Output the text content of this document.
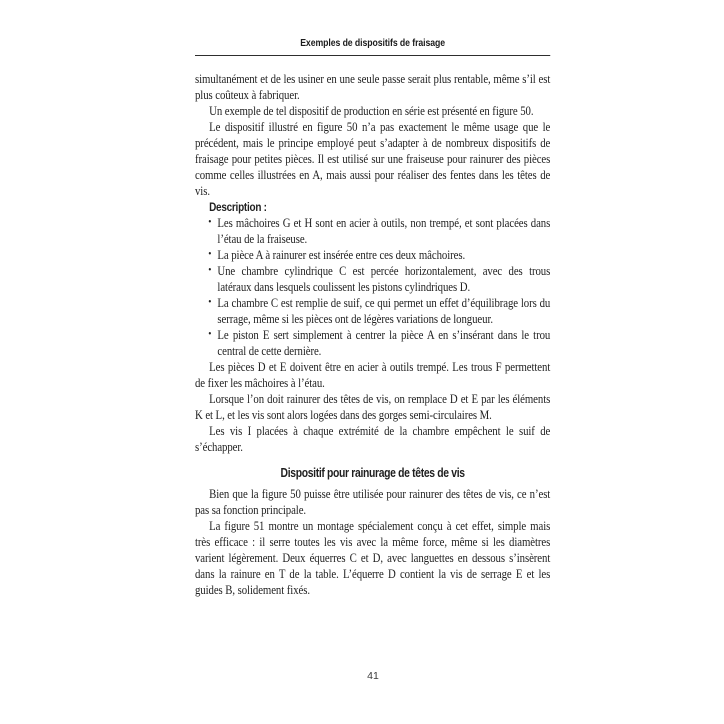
Exemples de dispositifs de fraisage

simultanément et de les usiner en une seule passe serait plus rentable, même s’il est plus coûteux à fabriquer.

Un exemple de tel dispositif de production en série est présenté en figure 50.

Le dispositif illustré en figure 50 n’a pas exactement le même usage que le précédent, mais le principe employé peut s’adapter à de nombreux dispositifs de fraisage pour petites pièces. Il est utilisé sur une fraiseuse pour rainurer des pièces comme celles illustrées en A, mais aussi pour réaliser des fentes dans les têtes de vis.

Description :

• Les mâchoires G et H sont en acier à outils, non trempé, et sont placées dans l’étau de la fraiseuse.
• La pièce A à rainurer est insérée entre ces deux mâchoires.
• Une chambre cylindrique C est percée horizontalement, avec des trous latéraux dans lesquels coulissent les pistons cylindriques D.
• La chambre C est remplie de suif, ce qui permet un effet d’équilibrage lors du serrage, même si les pièces ont de légères variations de longueur.
• Le piston E sert simplement à centrer la pièce A en s’insérant dans le trou central de cette dernière.

Les pièces D et E doivent être en acier à outils trempé. Les trous F permettent de fixer les mâchoires à l’étau.

Lorsque l’on doit rainurer des têtes de vis, on remplace D et E par les éléments K et L, et les vis sont alors logées dans des gorges semi-circulaires M.

Les vis I placées à chaque extrémité de la chambre empêchent le suif de s’échapper.

Dispositif pour rainurage de têtes de vis

Bien que la figure 50 puisse être utilisée pour rainurer des têtes de vis, ce n’est pas sa fonction principale.

La figure 51 montre un montage spécialement conçu à cet effet, simple mais très efficace : il serre toutes les vis avec la même force, même si les diamètres varient légèrement. Deux équerres C et D, avec languettes en dessous s’insèrent dans la rainure en T de la table. L’équerre D contient la vis de serrage E et les guides B, solidement fixés.

41
